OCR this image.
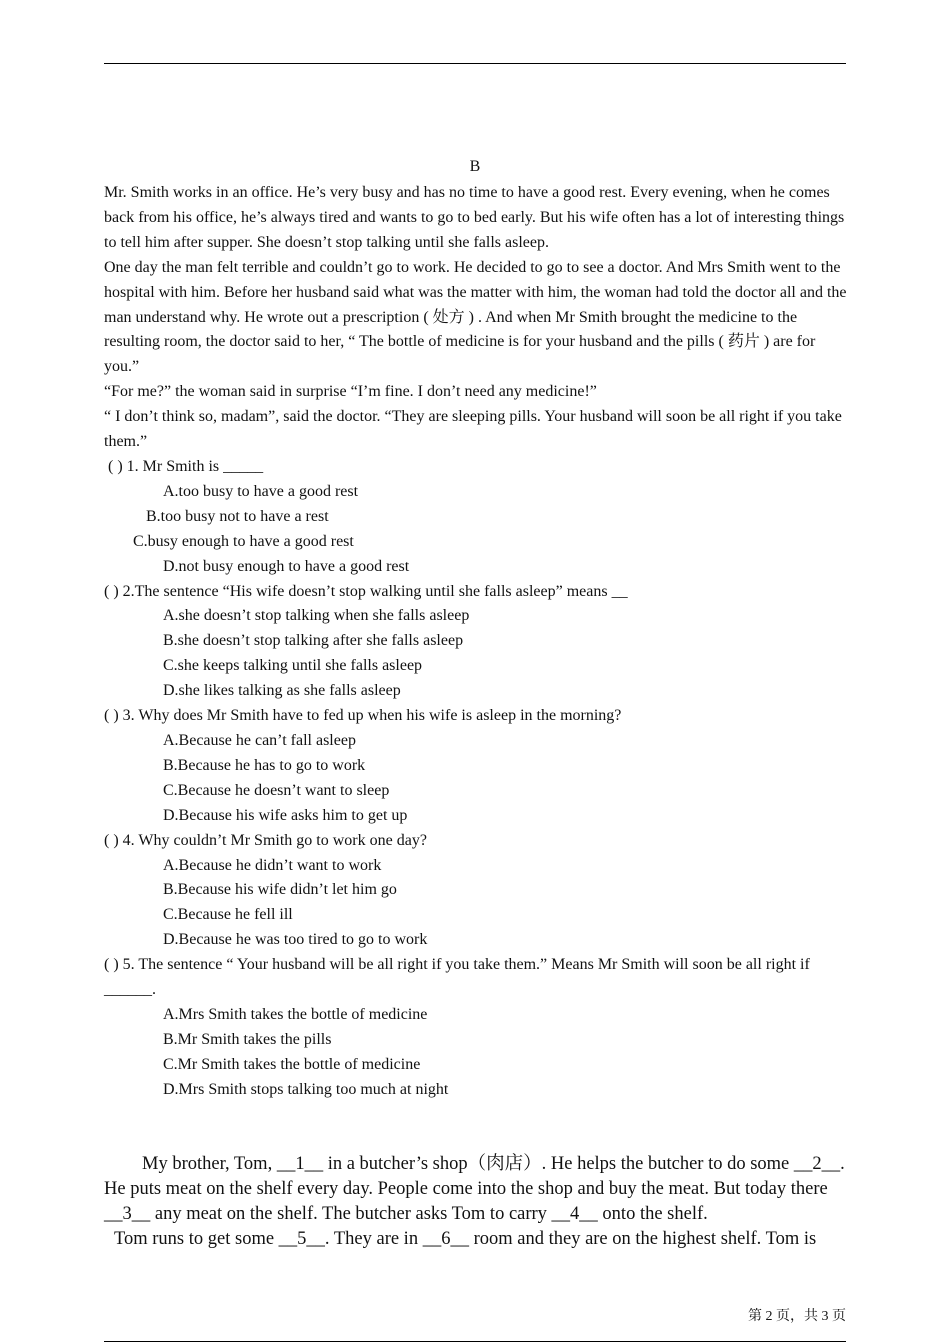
B

Mr. Smith works in an office. He’s very busy and has no time to have a good rest. Every evening, when he comes back from his office, he’s always tired and wants to go to bed early. But his wife often has a lot of interesting things to tell him after supper. She doesn’t stop talking until she falls asleep.

One day the man felt terrible and couldn’t go to work. He decided to go to see a doctor. And Mrs Smith went to the hospital with him. Before her husband said what was the matter with him, the woman had told the doctor all and the man understand why. He wrote out a prescription ( 处方 ) . And when Mr Smith brought the medicine to the resulting room, the doctor said to her, “ The bottle of medicine is for your husband and the pills ( 药片 ) are for you.”

“For me?” the woman said in surprise “I’m fine. I don’t need any medicine!”

“ I don’t think so, madam”, said the doctor. “They are sleeping pills. Your husband will soon be all right if you take them.”

( ) 1. Mr Smith is _____

A.too busy to have a good rest

B.too busy not to have a rest

C.busy enough to have a good rest

D.not busy enough to have a good rest

( ) 2.The sentence “His wife doesn’t stop walking until she falls asleep” means __

A.she doesn’t stop talking when she falls asleep

B.she doesn’t stop talking after she falls asleep

C.she keeps talking until she falls asleep

D.she likes talking as she falls asleep

( ) 3. Why does Mr Smith have to fed up when his wife is asleep in the morning?

A.Because he can’t fall asleep

B.Because he has to go to work

C.Because he doesn’t want to sleep

D.Because his wife asks him to get up

( ) 4. Why couldn’t Mr Smith go to work one day?

A.Because he didn’t want to work

B.Because his wife didn’t let him go

C.Because he fell ill

D.Because he was too tired to go to work

( ) 5. The sentence “ Your husband will be all right if you take them.” Means Mr Smith will soon be all right if ______.

A.Mrs Smith takes the bottle of medicine

B.Mr Smith takes the pills

C.Mr Smith takes the bottle of medicine

D.Mrs Smith stops talking too much at night

My brother, Tom, __1__ in a butcher’s shop（肉店）. He helps the butcher to do some __2__. He puts meat on the shelf every day. People come into the shop and buy the meat. But today there __3__ any meat on the shelf. The butcher asks Tom to carry __4__ onto the shelf.

Tom runs to get some __5__. They are in __6__ room and they are on the highest shelf. Tom is

第 2 页，共 3 页
